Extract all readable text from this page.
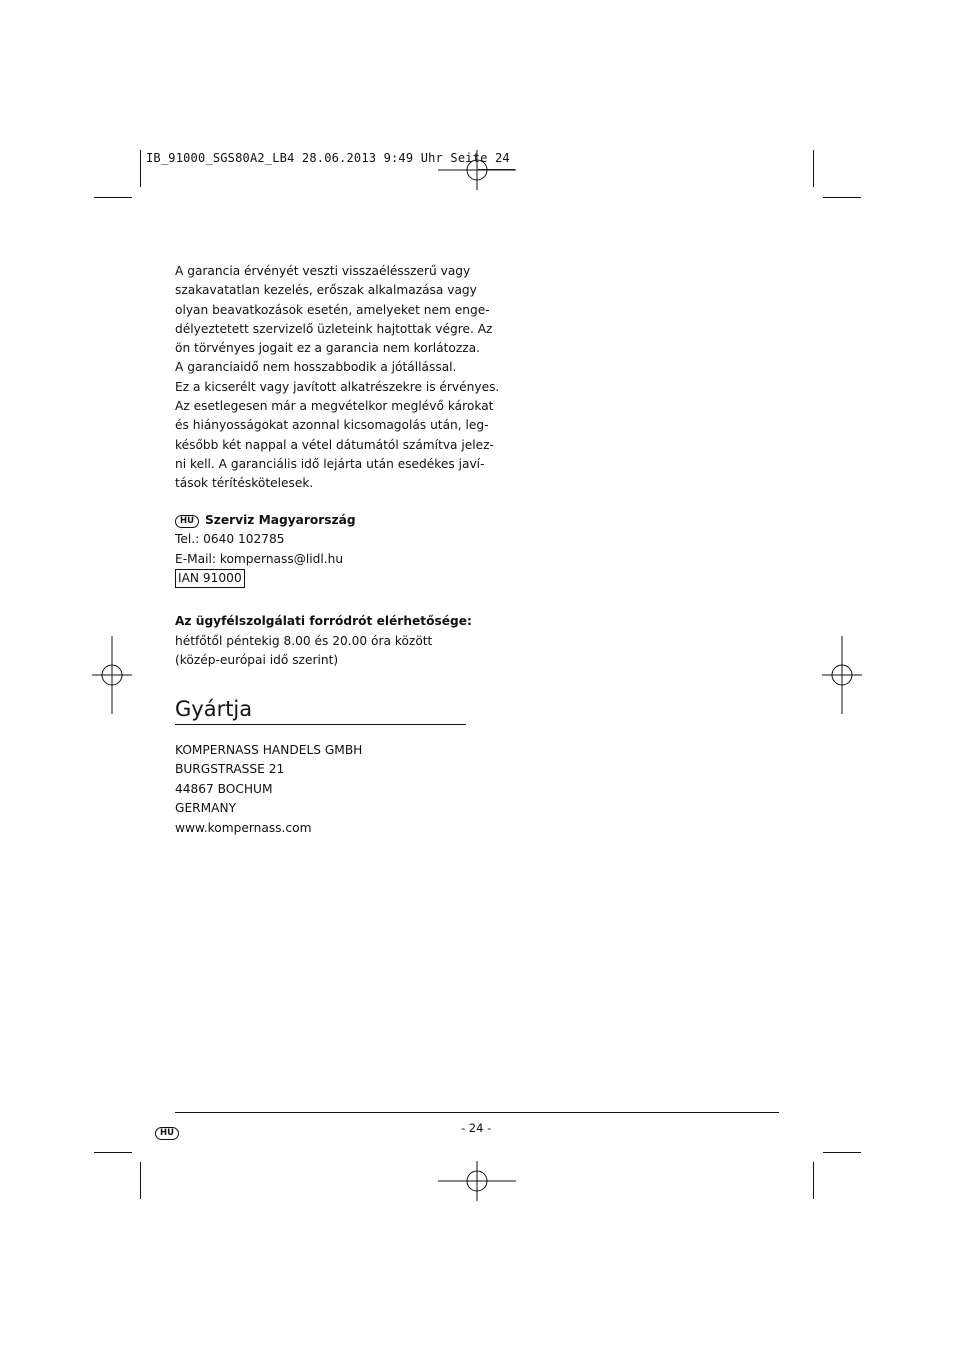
IB_91000_SGS80A2_LB4 28.06.2013 9:49 Uhr Seite 24
A garancia érvényét veszti visszaélésszerű vagy
szakavatatlan kezelés, erőszak alkalmazása vagy
olyan beavatkozások esetén, amelyeket nem enge-
délyeztetett szervizelő üzleteink hajtottak végre. Az
ön törvényes jogait ez a garancia nem korlátozza.
A garanciaidő nem hosszabbodik a jótállással.
Ez a kicserélt vagy javított alkatrészekre is érvényes.
Az esetlegesen már a megvételkor meglévő károkat
és hiányosságokat azonnal kicsomagolás után, leg-
később két nappal a vétel dátumától számítva jelez-
ni kell. A garanciális idő lejárta után esedékes javí-
tások térítéskötelesek.
HU Szerviz Magyarország
Tel.: 0640 102785
E-Mail: kompernass@lidl.hu
IAN 91000
Az ügyfélszolgálati forródrót elérhetősége:
hétfőtől péntekig 8.00 és 20.00 óra között
(közép-európai idő szerint)
Gyártja
KOMPERNASS HANDELS GMBH
BURGSTRASSE 21
44867 BOCHUM
GERMANY
www.kompernass.com
HU	- 24 -
